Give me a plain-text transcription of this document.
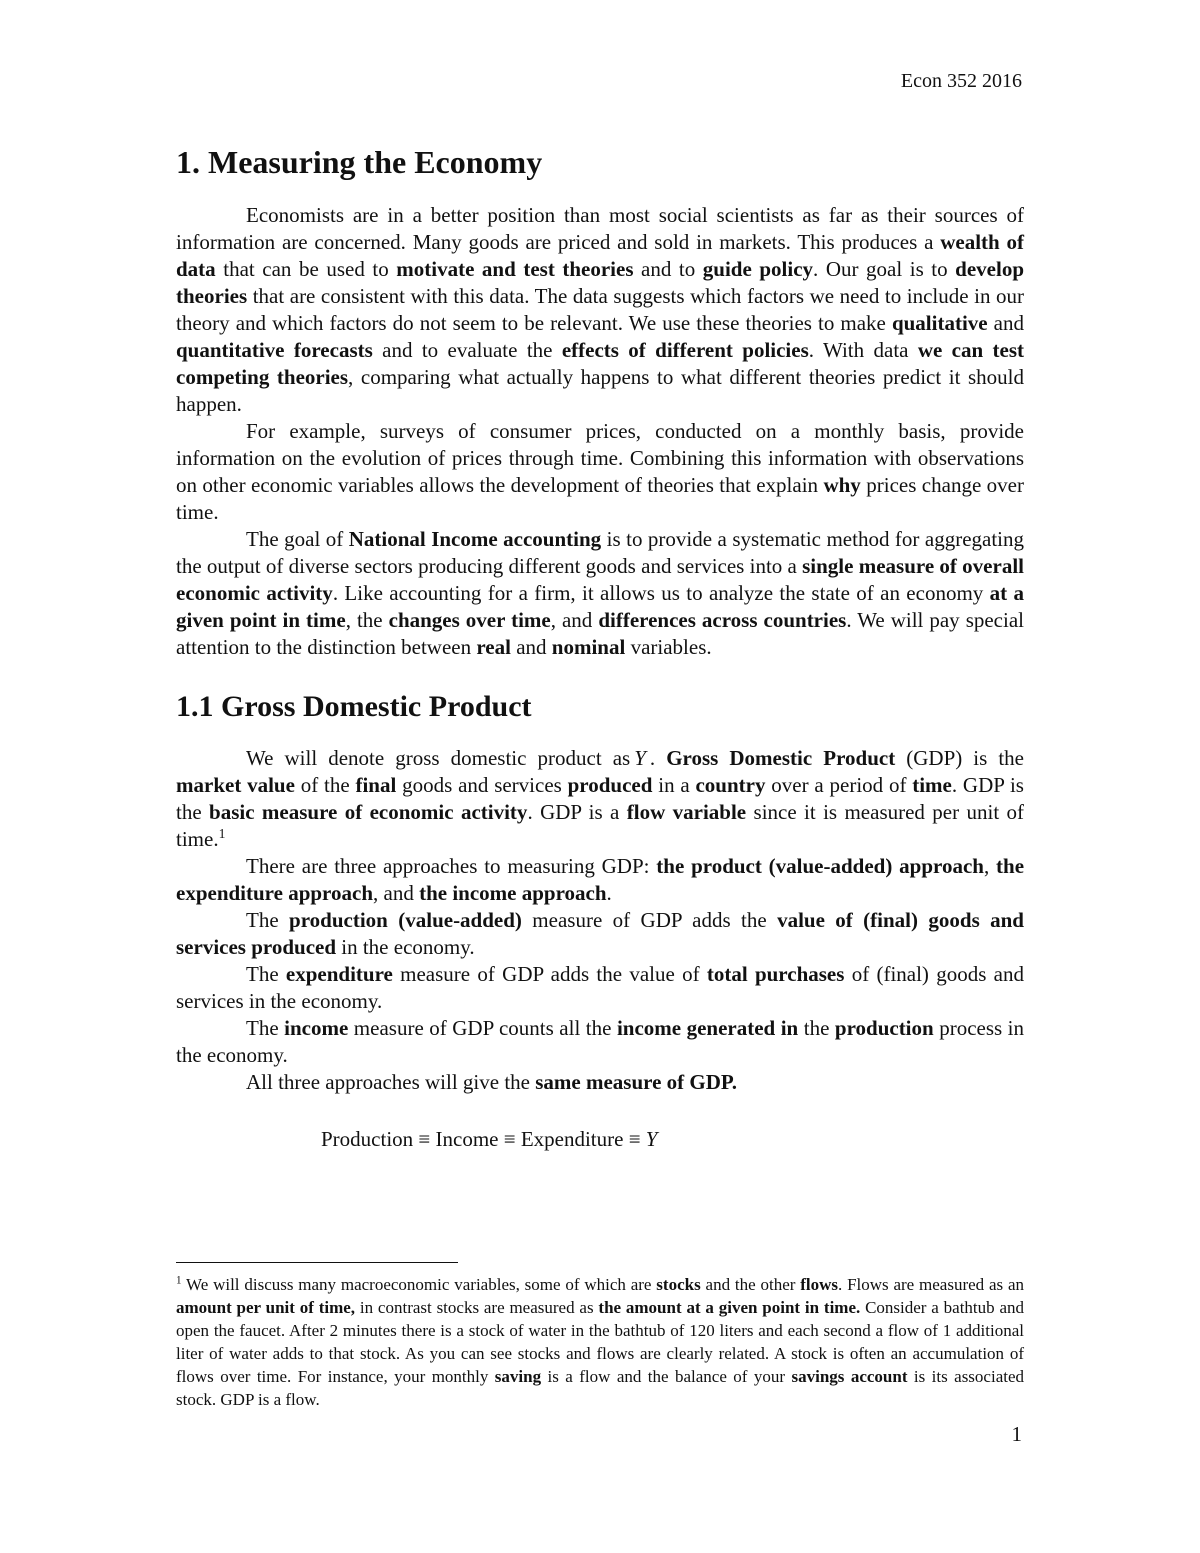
Econ 352 2016
1. Measuring the Economy

Economists are in a better position than most social scientists as far as their sources of information are concerned. Many goods are priced and sold in markets. This produces a wealth of data that can be used to motivate and test theories and to guide policy. Our goal is to develop theories that are consistent with this data. The data suggests which factors we need to include in our theory and which factors do not seem to be relevant. We use these theories to make qualitative and quantitative forecasts and to evaluate the effects of different policies. With data we can test competing theories, comparing what actually happens to what different theories predict it should happen.

For example, surveys of consumer prices, conducted on a monthly basis, provide information on the evolution of prices through time. Combining this information with observations on other economic variables allows the development of theories that explain why prices change over time.

The goal of National Income accounting is to provide a systematic method for aggregating the output of diverse sectors producing different goods and services into a single measure of overall economic activity. Like accounting for a firm, it allows us to analyze the state of an economy at a given point in time, the changes over time, and differences across countries. We will pay special attention to the distinction between real and nominal variables.

1.1 Gross Domestic Product

We will denote gross domestic product as Y . Gross Domestic Product (GDP) is the market value of the final goods and services produced in a country over a period of time. GDP is the basic measure of economic activity. GDP is a flow variable since it is measured per unit of time.$^1$

There are three approaches to measuring GDP: the product (value-added) approach, the expenditure approach, and the income approach.

The production (value-added) measure of GDP adds the value of (final) goods and services produced in the economy.

The expenditure measure of GDP adds the value of total purchases of (final) goods and services in the economy.

The income measure of GDP counts all the income generated in the production process in the economy.

All three approaches will give the same measure of GDP.

Production ≡ Income ≡ Expenditure ≡ Y
$^1$ We will discuss many macroeconomic variables, some of which are stocks and the other flows. Flows are measured as an amount per unit of time, in contrast stocks are measured as the amount at a given point in time. Consider a bathtub and open the faucet. After 2 minutes there is a stock of water in the bathtub of 120 liters and each second a flow of 1 additional liter of water adds to that stock. As you can see stocks and flows are clearly related. A stock is often an accumulation of flows over time. For instance, your monthly saving is a flow and the balance of your savings account is its associated stock. GDP is a flow.
1
